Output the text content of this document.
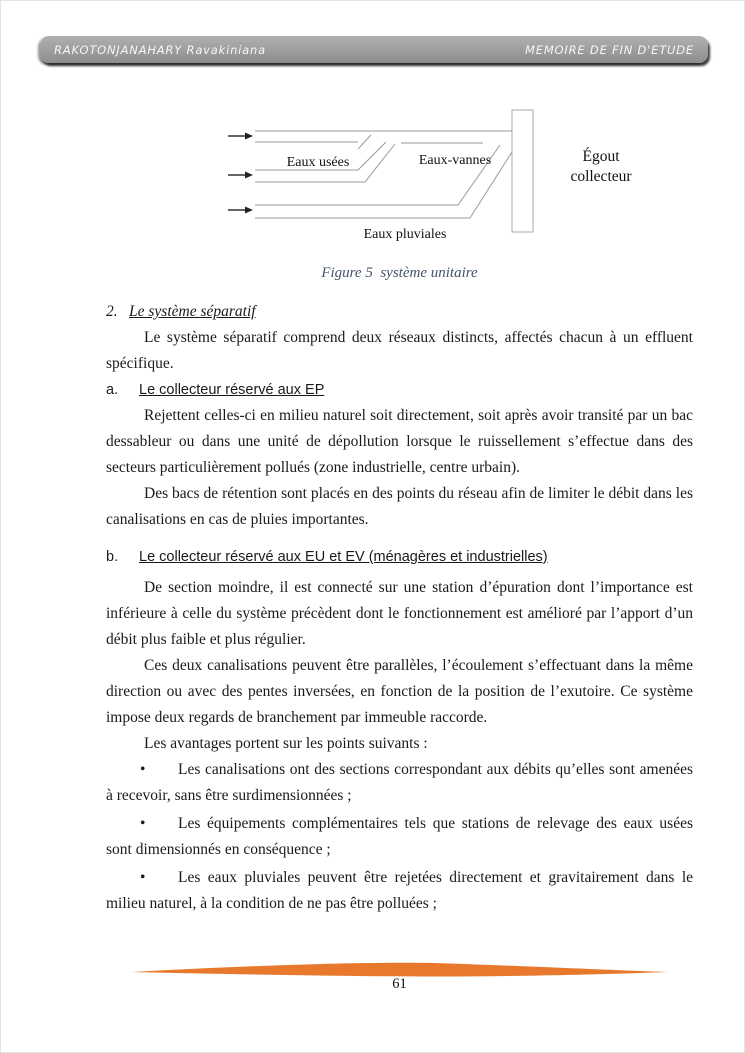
RAKOTONJANAHARY Ravakiniana	MEMOIRE DE FIN D'ETUDE
Eaux usées	Eaux-vannes
Eaux pluviales
Égout collecteur
Figure 5  système unitaire

2. Le système séparatif

Le système séparatif comprend deux réseaux distincts, affectés chacun à un effluent spécifique.

a. Le collecteur réservé aux EP

Rejettent celles-ci en milieu naturel soit directement, soit après avoir transité par un bac dessableur ou dans une unité de dépollution lorsque le ruissellement s’effectue dans des secteurs particulièrement pollués (zone industrielle, centre urbain).

Des bacs de rétention sont placés en des points du réseau afin de limiter le débit dans les canalisations en cas de pluies importantes.

b. Le collecteur réservé aux EU et EV (ménagères et industrielles)

De section moindre, il est connecté sur une station d’épuration dont l’importance est inférieure à celle du système précèdent dont le fonctionnement est amélioré par l’apport d’un débit plus faible et plus régulier.

Ces deux canalisations peuvent être parallèles, l’écoulement s’effectuant dans la même direction ou avec des pentes inversées, en fonction de la position de l’exutoire. Ce système impose deux regards de branchement par immeuble raccorde.

Les avantages portent sur les points suivants :

• Les canalisations ont des sections correspondant aux débits qu’elles sont amenées à recevoir, sans être surdimensionnées ;

• Les équipements complémentaires tels que stations de relevage des eaux usées sont dimensionnés en conséquence ;

• Les eaux pluviales peuvent être rejetées directement et gravitairement dans le milieu naturel, à la condition de ne pas être polluées ;

61
